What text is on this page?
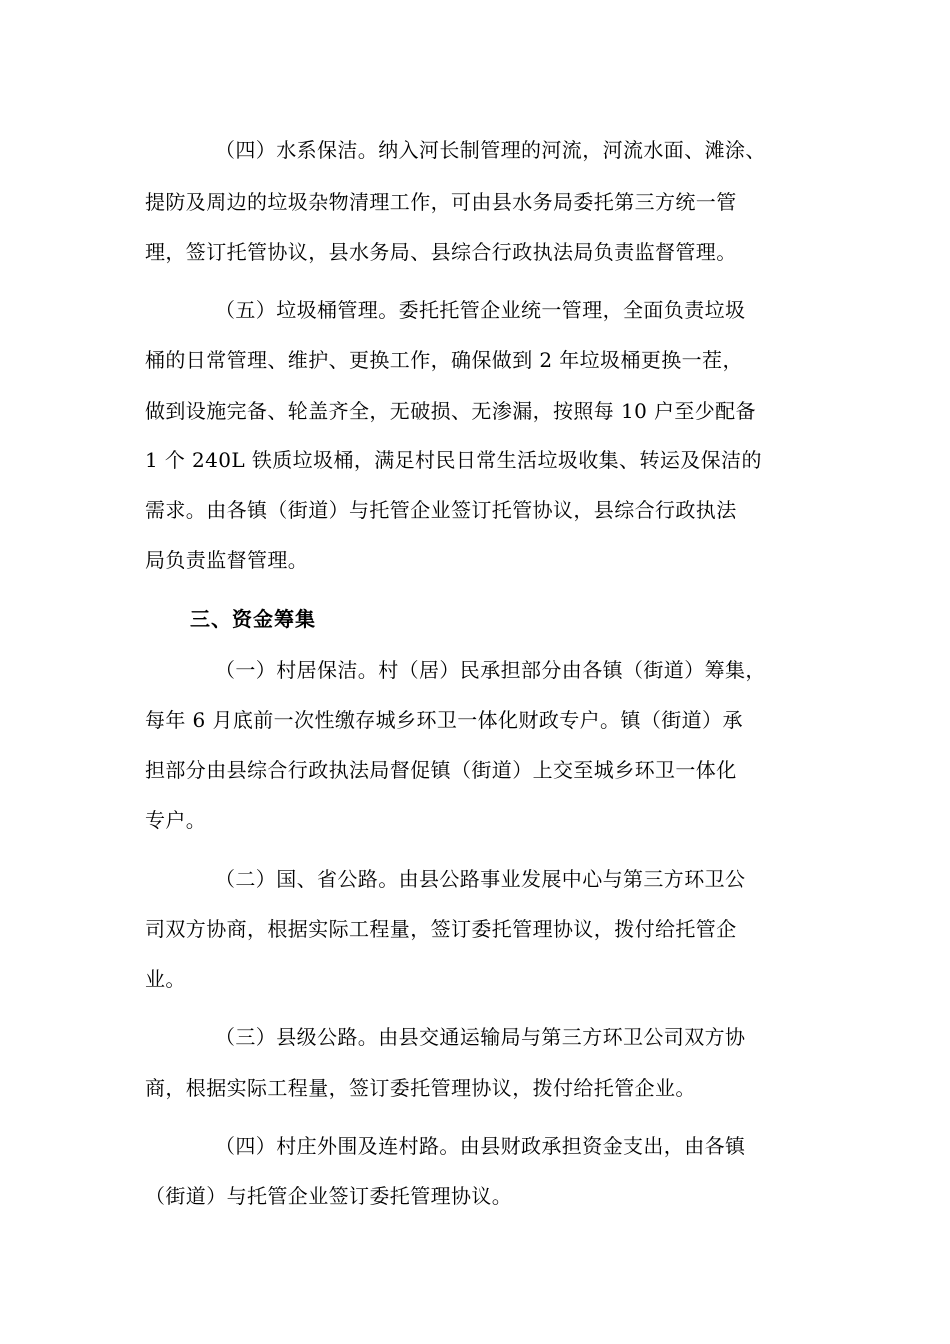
（四）水系保洁。纳入河长制管理的河流，河流水面、滩涂、
提防及周边的垃圾杂物清理工作，可由县水务局委托第三方统一管
理，签订托管协议，县水务局、县综合行政执法局负责监督管理。
（五）垃圾桶管理。委托托管企业统一管理，全面负责垃圾
桶的日常管理、维护、更换工作，确保做到 2 年垃圾桶更换一茬，
做到设施完备、轮盖齐全，无破损、无渗漏，按照每 10 户至少配备
1 个 240L 铁质垃圾桶，满足村民日常生活垃圾收集、转运及保洁的
需求。由各镇（街道）与托管企业签订托管协议，县综合行政执法
局负责监督管理。
三、资金筹集
（一）村居保洁。村（居）民承担部分由各镇（街道）筹集，
每年 6 月底前一次性缴存城乡环卫一体化财政专户。镇（街道）承
担部分由县综合行政执法局督促镇（街道）上交至城乡环卫一体化
专户。
（二）国、省公路。由县公路事业发展中心与第三方环卫公
司双方协商，根据实际工程量，签订委托管理协议，拨付给托管企
业。
（三）县级公路。由县交通运输局与第三方环卫公司双方协
商，根据实际工程量，签订委托管理协议，拨付给托管企业。
（四）村庄外围及连村路。由县财政承担资金支出，由各镇
（街道）与托管企业签订委托管理协议。
